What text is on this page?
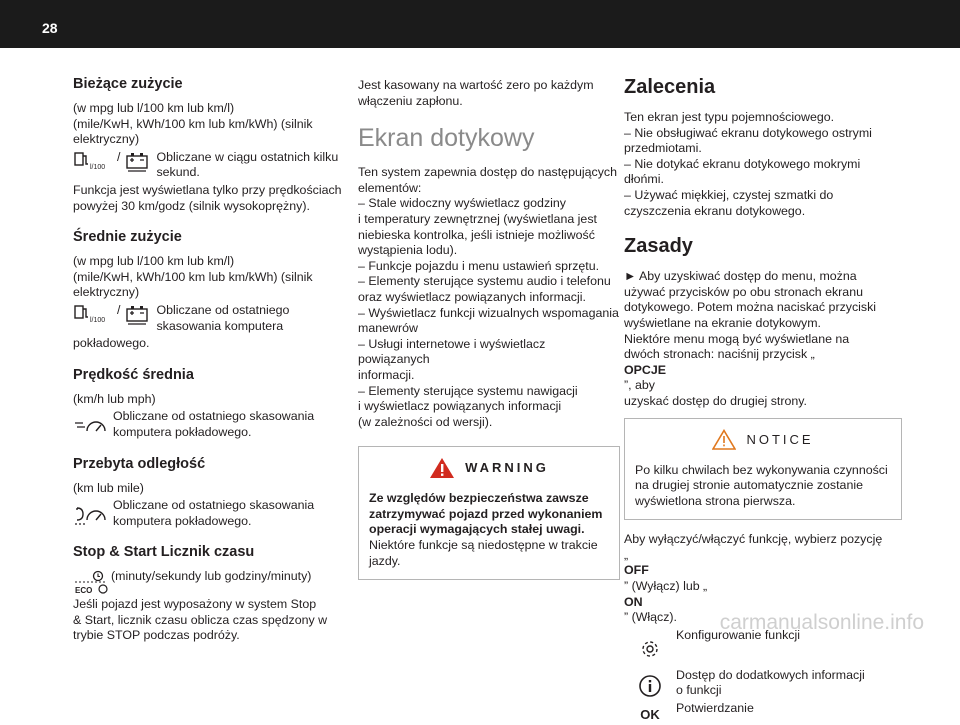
28
Bieżące zużycie
(w mpg lub l/100 km lub km/l)
(mile/KwH, kWh/100 km lub km/kWh) (silnik
elektryczny)
l/100
/	Obliczane w ciągu ostatnich kilku
sekund.
Funkcja jest wyświetlana tylko przy prędkościach
powyżej 30 km/godz (silnik wysokoprężny).
Średnie zużycie
(w mpg lub l/100 km lub km/l)
(mile/KwH, kWh/100 km lub km/kWh) (silnik
elektryczny)
l/100
/	Obliczane od ostatniego
skasowania komputera
pokładowego.
Prędkość średnia
(km/h lub mph)
Obliczane od ostatniego skasowania
komputera pokładowego.
Przebyta odległość
(km lub mile)
Obliczane od ostatniego skasowania
komputera pokładowego.
Stop & Start Licznik czasu
ECO
(minuty/sekundy lub godziny/minuty)
Jeśli pojazd jest wyposażony w system Stop
& Start, licznik czasu oblicza czas spędzony w
trybie STOP podczas podróży.
Jest kasowany na wartość zero po każdym
włączeniu zapłonu.
Ekran dotykowy
Ten system zapewnia dostęp do następujących
elementów:
– Stale widoczny wyświetlacz godziny
i temperatury zewnętrznej (wyświetlana jest
niebieska kontrolka, jeśli istnieje możliwość
wystąpienia lodu).
– Funkcje pojazdu i menu ustawień sprzętu.
– Elementy sterujące systemu audio i telefonu
oraz wyświetlacz powiązanych informacji.
– Wyświetlacz funkcji wizualnych wspomagania
manewrów
– Usługi internetowe i wyświetlacz powiązanych
informacji.
– Elementy sterujące systemu nawigacji
i wyświetlacz powiązanych informacji
(w zależności od wersji).
WARNING
Ze względów bezpieczeństwa zawsze
zatrzymywać pojazd przed wykonaniem
operacji wymagających stałej uwagi.
Niektóre funkcje są niedostępne w trakcie
jazdy.
Zalecenia
Ten ekran jest typu pojemnościowego.
– Nie obsługiwać ekranu dotykowego ostrymi
przedmiotami.
– Nie dotykać ekranu dotykowego mokrymi
dłońmi.
– Używać miękkiej, czystej szmatki do
czyszczenia ekranu dotykowego.
Zasady
► Aby uzyskiwać dostęp do menu, można
używać przycisków po obu stronach ekranu
dotykowego. Potem można naciskać przyciski
wyświetlane na ekranie dotykowym.
Niektóre menu mogą być wyświetlane na
dwóch stronach: naciśnij przycisk „
OPCJE
”, aby
uzyskać dostęp do drugiej strony.
NOTICE
Po kilku chwilach bez wykonywania czynności
na drugiej stronie automatycznie zostanie
wyświetlona strona pierwsza.
Aby wyłączyć/włączyć funkcję, wybierz pozycję
„
OFF
” (Wyłącz) lub „
ON
” (Włącz).
Konfigurowanie funkcji
Dostęp do dodatkowych informacji
o funkcji
OK Potwierdzanie
carmanualsonline.info
